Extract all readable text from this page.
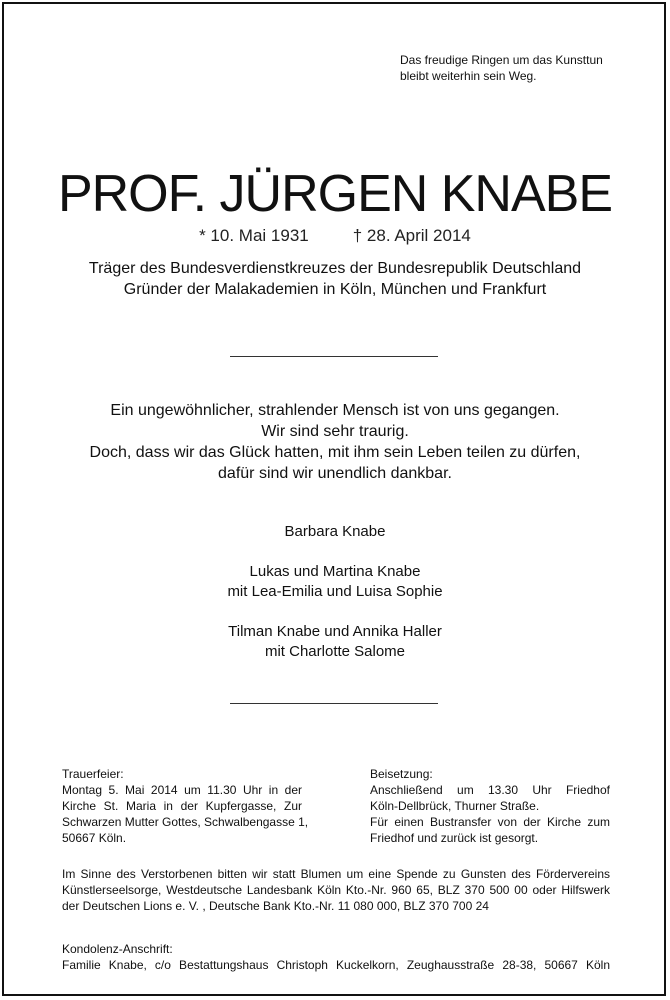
Das freudige Ringen um das Kunsttun
bleibt weiterhin sein Weg.
PROF. JÜRGEN KNABE
* 10. Mai 1931	† 28. April 2014
Träger des Bundesverdienstkreuzes der Bundesrepublik Deutschland
Gründer der Malakademien in Köln, München und Frankfurt
Ein ungewöhnlicher, strahlender Mensch ist von uns gegangen.
Wir sind sehr traurig.
Doch, dass wir das Glück hatten, mit ihm sein Leben teilen zu dürfen,
dafür sind wir unendlich dankbar.
Barbara Knabe
Lukas und Martina Knabe
mit Lea-Emilia und Luisa Sophie
Tilman Knabe und Annika Haller
mit Charlotte Salome
Trauerfeier:
Montag 5. Mai 2014 um 11.30 Uhr in der
Kirche St. Maria in der Kupfergasse, Zur
Schwarzen Mutter Gottes, Schwalbengasse 1,
50667 Köln.
Beisetzung:
Anschließend um 13.30 Uhr Friedhof
Köln-Dellbrück, Thurner Straße.
Für einen Bustransfer von der Kirche zum
Friedhof und zurück ist gesorgt.
Im Sinne des Verstorbenen bitten wir statt Blumen um eine Spende zu Gunsten des Fördervereins
Künstlerseelsorge, Westdeutsche Landesbank Köln Kto.-Nr. 960 65, BLZ 370 500 00 oder Hilfswerk
der Deutschen Lions e. V. , Deutsche Bank Kto.-Nr. 11 080 000, BLZ 370 700 24
Kondolenz-Anschrift:
Familie Knabe, c/o Bestattungshaus Christoph Kuckelkorn, Zeughausstraße 28-38, 50667 Köln
